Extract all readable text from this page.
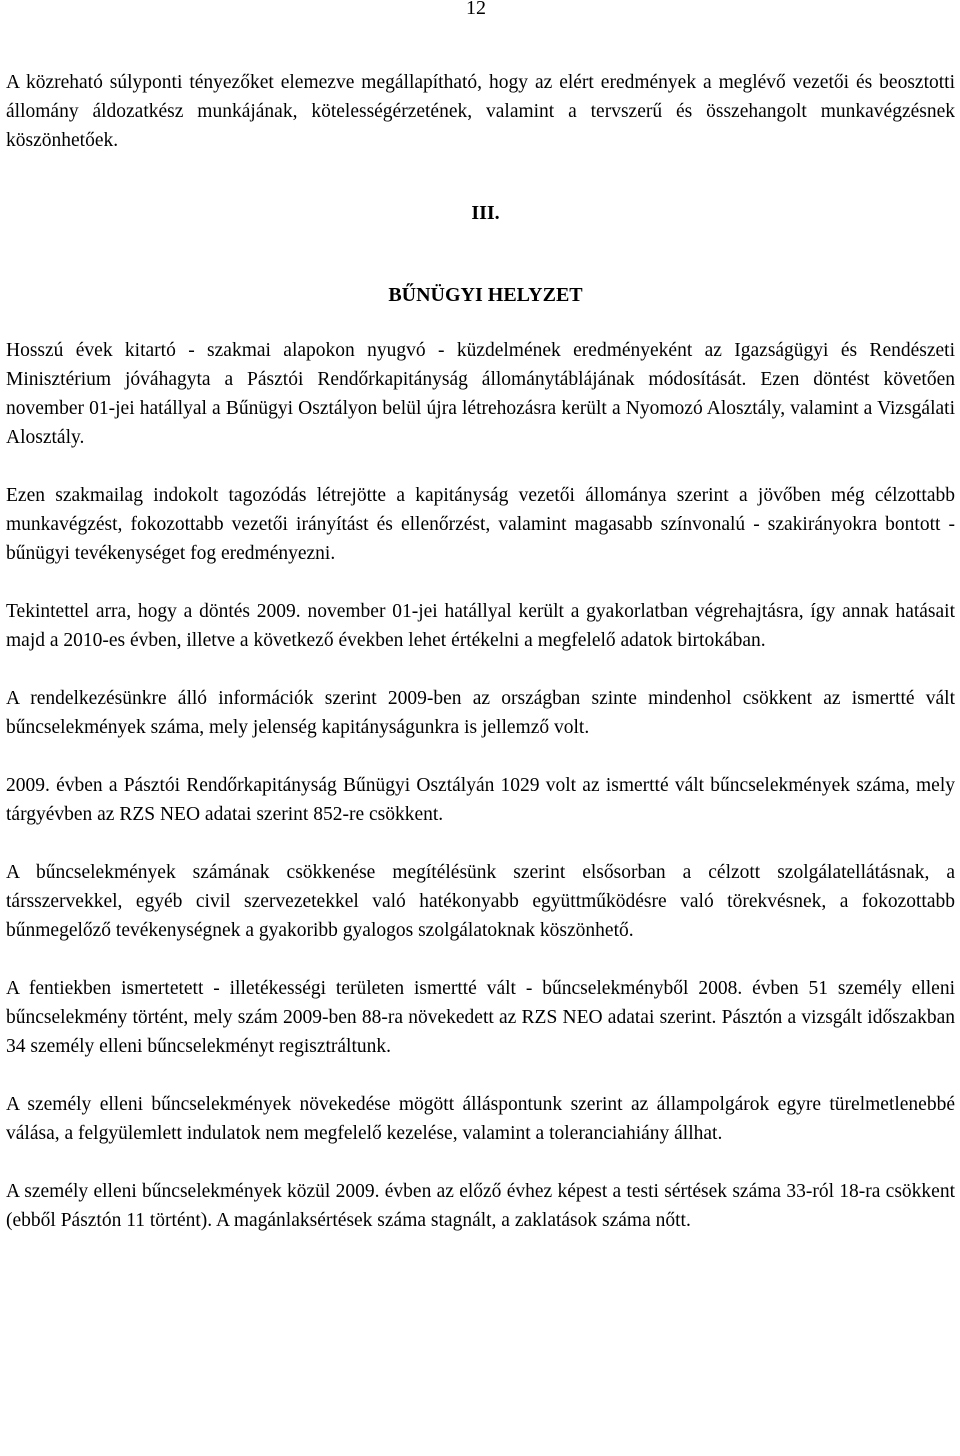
12

A közreható súlyponti tényezőket elemezve megállapítható, hogy az elért eredmények a meglévő vezetői és beosztotti állomány áldozatkész munkájának, kötelességérzetének, valamint a tervszerű és összehangolt munkavégzésnek köszönhetőek.

III.
BŰNÜGYI HELYZET

Hosszú évek kitartó - szakmai alapokon nyugvó - küzdelmének eredményeként az Igazságügyi és Rendészeti Minisztérium jóváhagyta a Pásztói Rendőrkapitányság állománytáblájának módosítását. Ezen döntést követően november 01-jei hatállyal a Bűnügyi Osztályon belül újra létrehozásra került a Nyomozó Alosztály, valamint a Vizsgálati Alosztály.

Ezen szakmailag indokolt tagozódás létrejötte a kapitányság vezetői állománya szerint a jövőben még célzottabb munkavégzést, fokozottabb vezetői irányítást és ellenőrzést, valamint magasabb színvonalú - szakirányokra bontott - bűnügyi tevékenységet fog eredményezni.

Tekintettel arra, hogy a döntés 2009. november 01-jei hatállyal került a gyakorlatban végrehajtásra, így annak hatásait majd a 2010-es évben, illetve a következő években lehet értékelni a megfelelő adatok birtokában.

A rendelkezésünkre álló információk szerint 2009-ben az országban szinte mindenhol csökkent az ismertté vált bűncselekmények száma, mely jelenség kapitányságunkra is jellemző volt.

2009. évben a Pásztói Rendőrkapitányság Bűnügyi Osztályán 1029 volt az ismertté vált bűncselekmények száma, mely tárgyévben az RZS NEO adatai szerint 852-re csökkent.

A bűncselekmények számának csökkenése megítélésünk szerint elsősorban a célzott szolgálatellátásnak, a társszervekkel, egyéb civil szervezetekkel való hatékonyabb együttműködésre való törekvésnek, a fokozottabb bűnmegelőző tevékenységnek a gyakoribb gyalogos szolgálatoknak köszönhető.

A fentiekben ismertetett - illetékességi területen ismertté vált - bűncselekményből 2008. évben 51 személy elleni bűncselekmény történt, mely szám 2009-ben 88-ra növekedett az RZS NEO adatai szerint. Pásztón a vizsgált időszakban 34 személy elleni bűncselekményt regisztráltunk.

A személy elleni bűncselekmények növekedése mögött álláspontunk szerint az állampolgárok egyre türelmetlenebbé válása, a felgyülemlett indulatok nem megfelelő kezelése, valamint a toleranciahiány állhat.

A személy elleni bűncselekmények közül 2009. évben az előző évhez képest a testi sértések száma 33-ról 18-ra csökkent (ebből Pásztón 11 történt). A magánlaksértések száma stagnált, a zaklatások száma nőtt.
